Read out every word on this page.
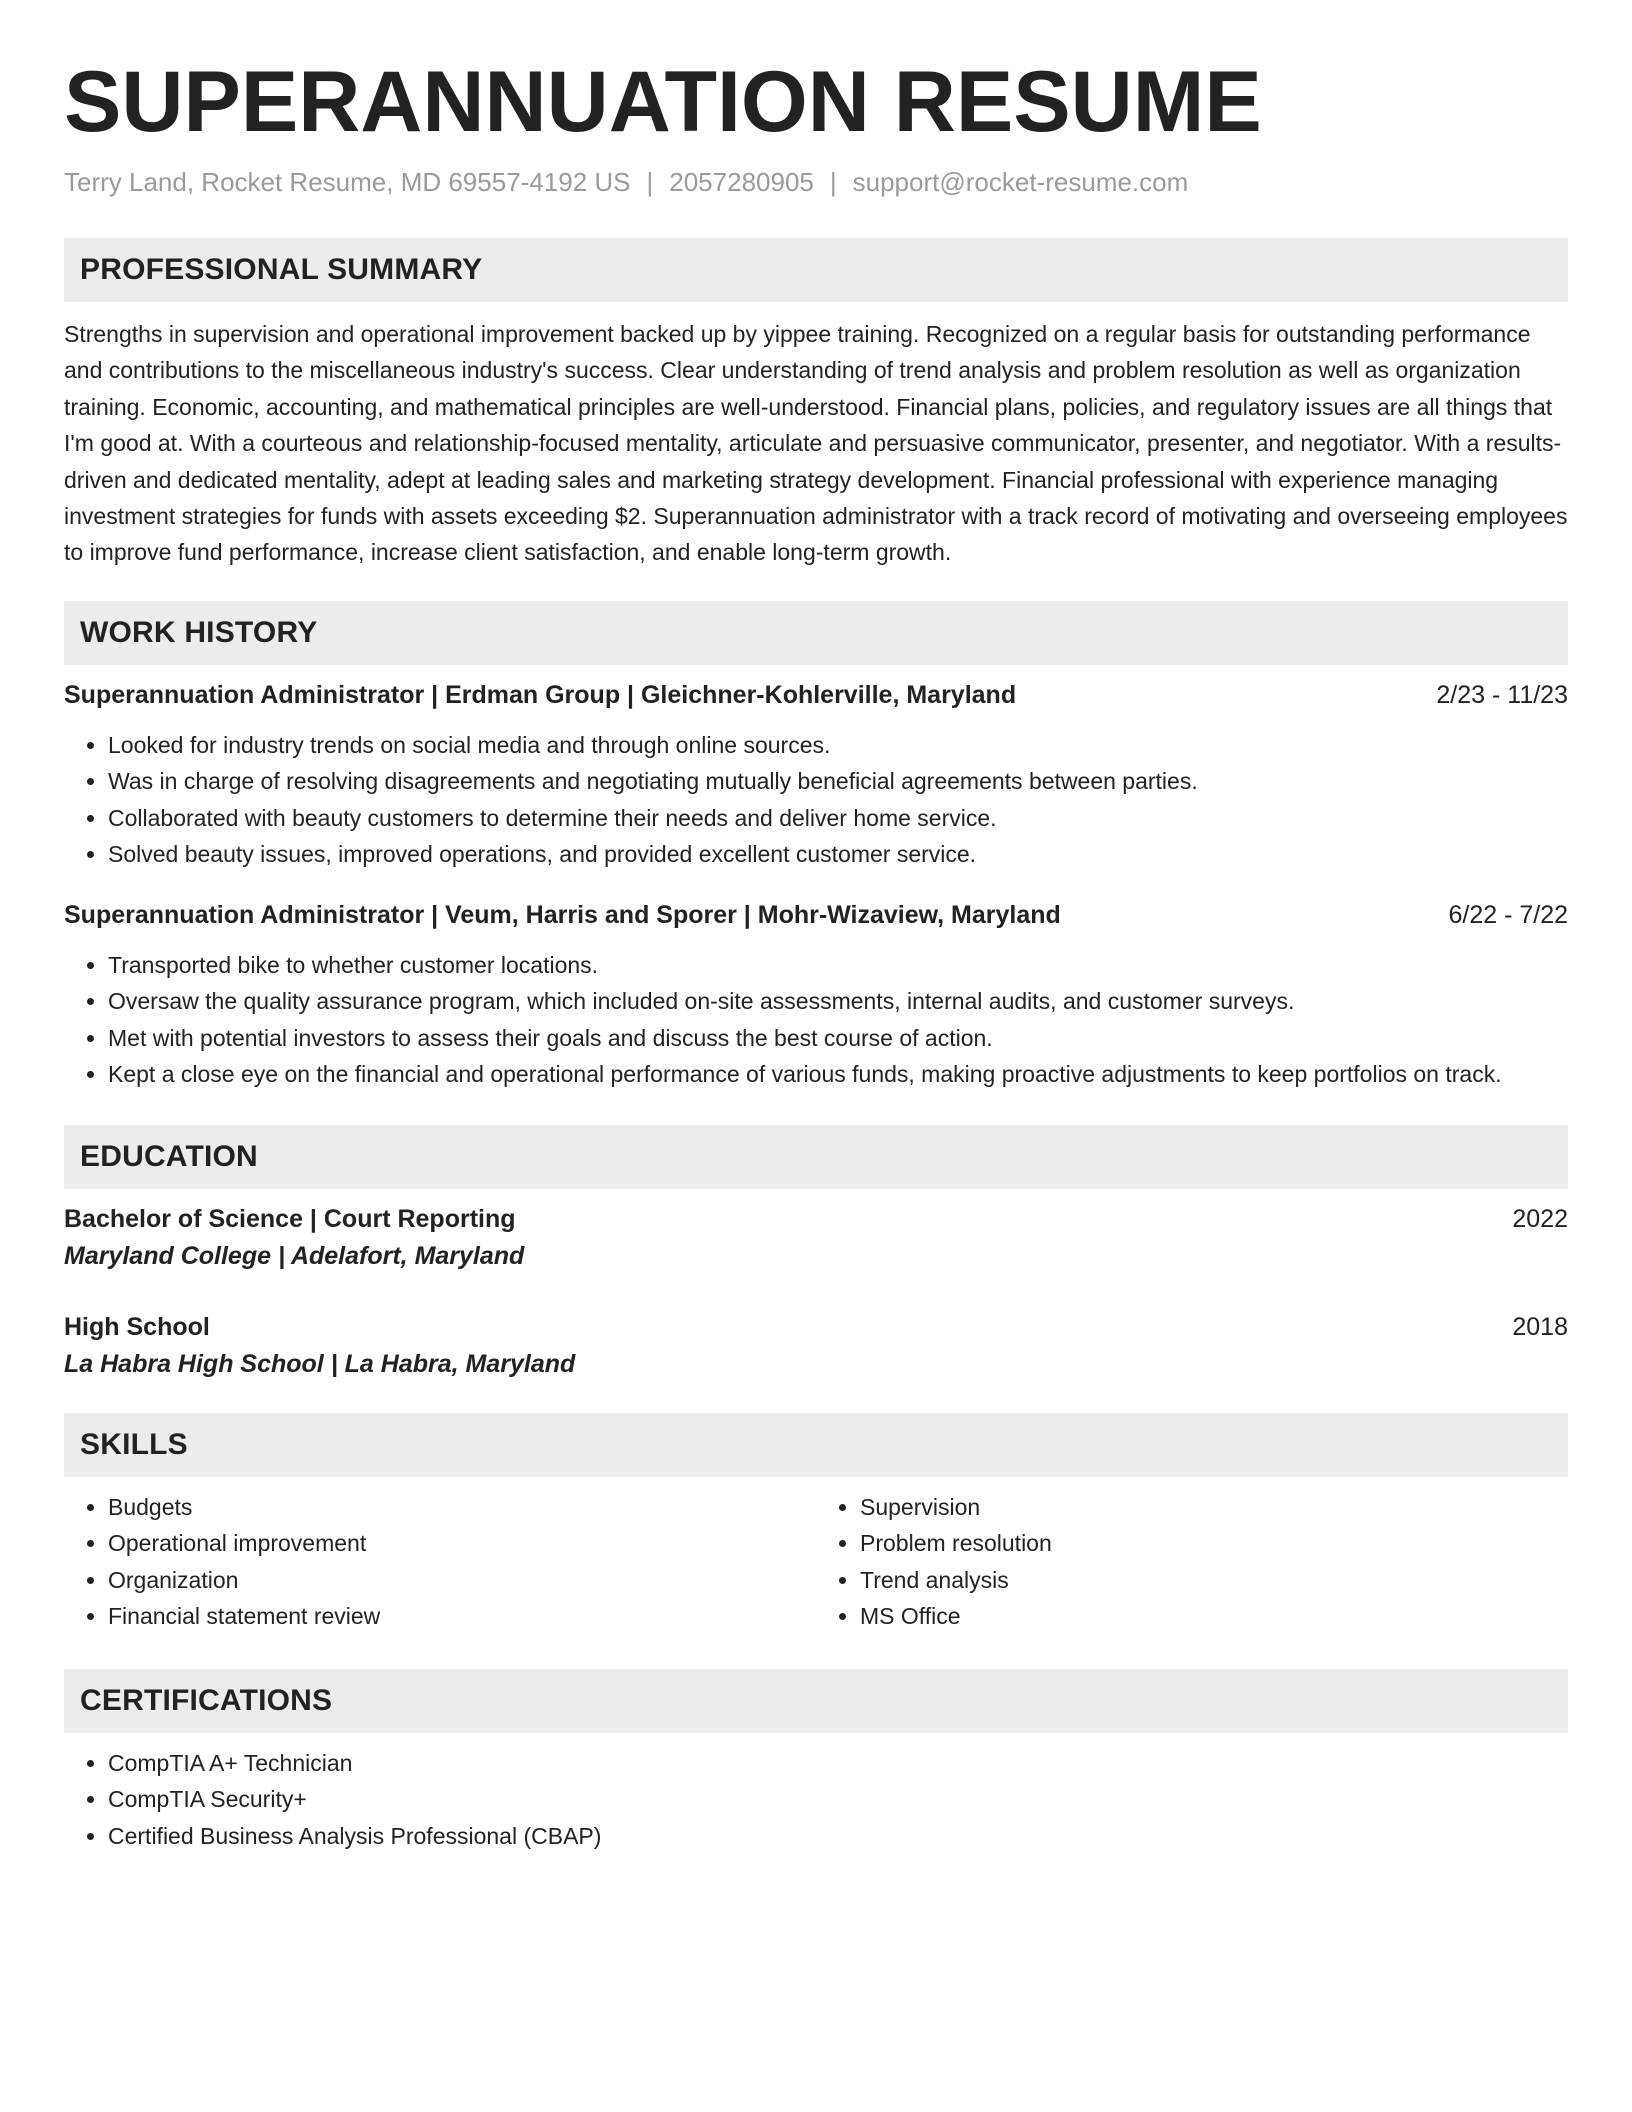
SUPERANNUATION RESUME
Terry Land, Rocket Resume, MD 69557-4192 US | 2057280905 | support@rocket-resume.com
PROFESSIONAL SUMMARY

Strengths in supervision and operational improvement backed up by yippee training. Recognized on a regular basis for outstanding performance and contributions to the miscellaneous industry's success. Clear understanding of trend analysis and problem resolution as well as organization training. Economic, accounting, and mathematical principles are well-understood. Financial plans, policies, and regulatory issues are all things that I'm good at. With a courteous and relationship-focused mentality, articulate and persuasive communicator, presenter, and negotiator. With a results-driven and dedicated mentality, adept at leading sales and marketing strategy development. Financial professional with experience managing investment strategies for funds with assets exceeding $2. Superannuation administrator with a track record of motivating and overseeing employees to improve fund performance, increase client satisfaction, and enable long-term growth.

WORK HISTORY
Superannuation Administrator | Erdman Group | Gleichner-Kohlerville, Maryland	2/23 - 11/23
• Looked for industry trends on social media and through online sources.
• Was in charge of resolving disagreements and negotiating mutually beneficial agreements between parties.
• Collaborated with beauty customers to determine their needs and deliver home service.
• Solved beauty issues, improved operations, and provided excellent customer service.
Superannuation Administrator | Veum, Harris and Sporer | Mohr-Wizaview, Maryland	6/22 - 7/22
• Transported bike to whether customer locations.
• Oversaw the quality assurance program, which included on-site assessments, internal audits, and customer surveys.
• Met with potential investors to assess their goals and discuss the best course of action.
• Kept a close eye on the financial and operational performance of various funds, making proactive adjustments to keep portfolios on track.
EDUCATION
Bachelor of Science | Court Reporting	2022
Maryland College | Adelafort, Maryland
High School	2018
La Habra High School | La Habra, Maryland
SKILLS
• Budgets
• Operational improvement
• Organization
• Financial statement review
• Supervision
• Problem resolution
• Trend analysis
• MS Office
CERTIFICATIONS
• CompTIA A+ Technician
• CompTIA Security+
• Certified Business Analysis Professional (CBAP)
